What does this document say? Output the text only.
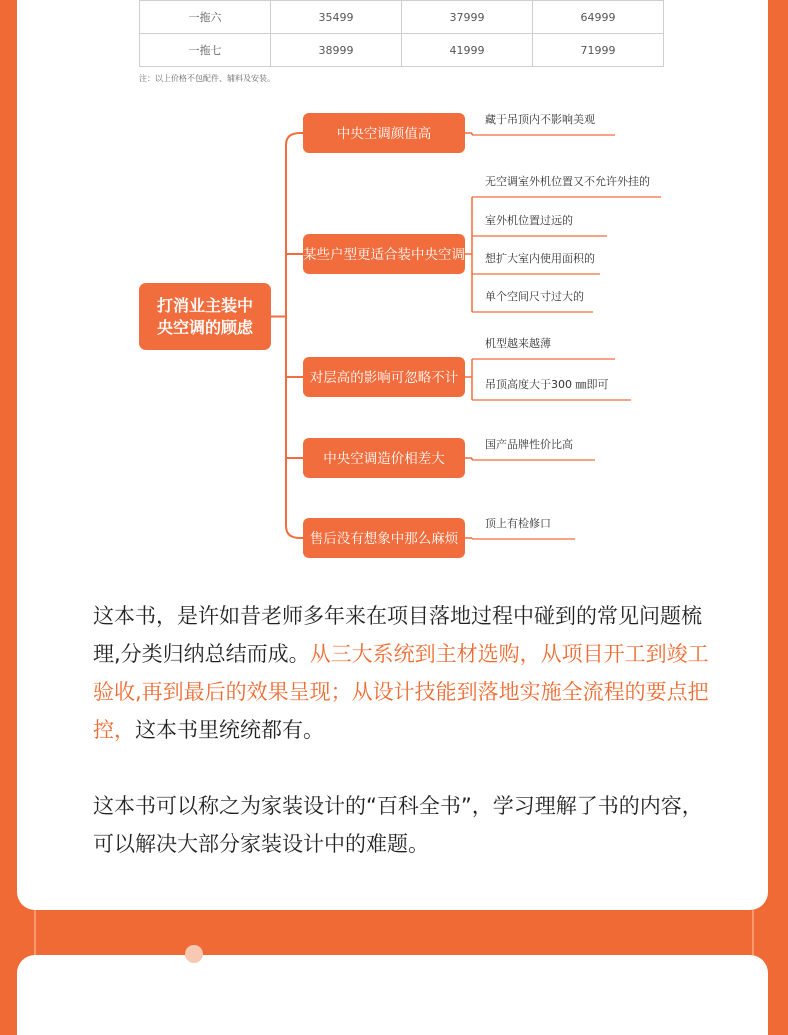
一拖六	35499	37999	64999
一拖七	38999	41999	71999
注：以上价格不包配件、辅料及安装。
打消业主装中
央空调的顾虑
中央空调颜值高
藏于吊顶内不影响美观
某些户型更适合装中央空调
无空调室外机位置又不允许外挂的
室外机位置过远的
想扩大室内使用面积的
单个空间尺寸过大的
对层高的影响可忽略不计
机型越来越薄
吊顶高度大于300 ㎜即可
中央空调造价相差大
国产品牌性价比高
售后没有想象中那么麻烦
顶上有检修口

这本书，是许如昔老师多年来在项目落地过程中碰到的常见问题梳理,分类归纳总结而成。从三大系统到主材选购，从项目开工到竣工验收,再到最后的效果呈现；从设计技能到落地实施全流程的要点把控，这本书里统统都有。

这本书可以称之为家装设计的“百科全书”，学习理解了书的内容，可以解决大部分家装设计中的难题。
